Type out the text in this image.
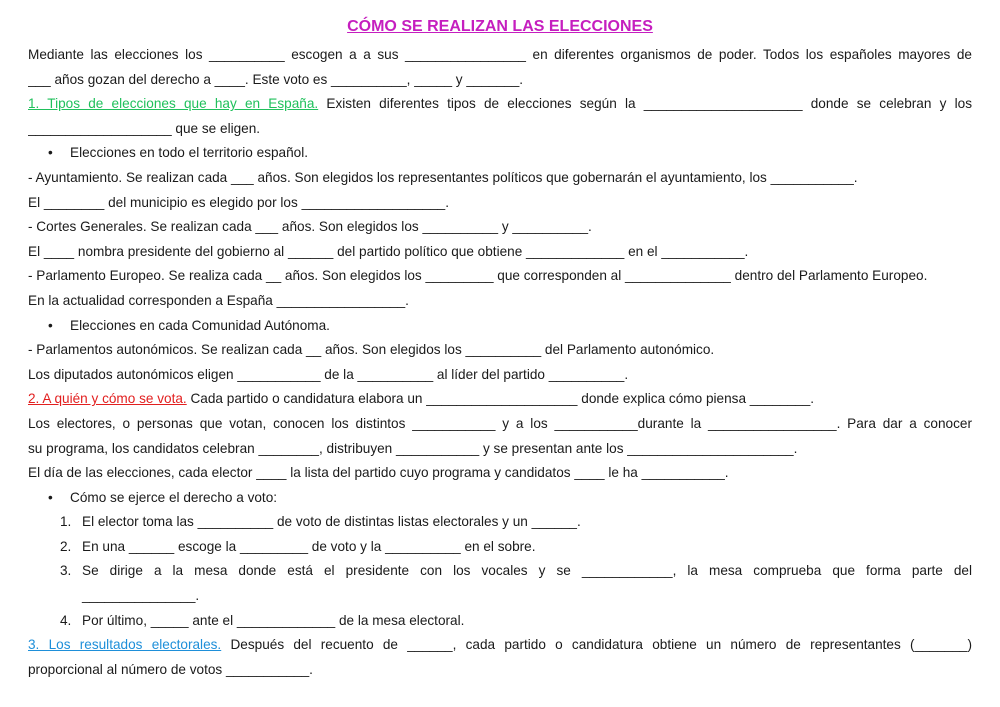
CÓMO SE REALIZAN LAS ELECCIONES
Mediante las elecciones los __________ escogen a a sus ________________ en diferentes organismos de poder. Todos los españoles mayores de
___ años gozan del derecho a ____. Este voto es __________, _____ y _______.
1. Tipos de elecciones que hay en España. Existen diferentes tipos de elecciones según la _____________________ donde se celebran y los
___________________ que se eligen.
• Elecciones en todo el territorio español.
- Ayuntamiento. Se realizan cada ___ años. Son elegidos los representantes políticos que gobernarán el ayuntamiento, los ___________.
El ________ del municipio es elegido por los ___________________.
- Cortes Generales. Se realizan cada ___ años. Son elegidos los __________ y __________.
El ____ nombra presidente del gobierno al ______ del partido político que obtiene _____________ en el ___________.
- Parlamento Europeo. Se realiza cada __ años. Son elegidos los _________ que corresponden al ______________ dentro del Parlamento Europeo.
En la actualidad corresponden a España _________________.
• Elecciones en cada Comunidad Autónoma.
- Parlamentos autonómicos. Se realizan cada __ años. Son elegidos los __________ del Parlamento autonómico.
Los diputados autonómicos eligen ___________ de la __________ al líder del partido __________.
2. A quién y cómo se vota. Cada partido o candidatura elabora un ____________________ donde explica cómo piensa ________.
Los electores, o personas que votan, conocen los distintos ___________ y a los ___________durante la _________________. Para dar a conocer
su programa, los candidatos celebran ________, distribuyen ___________ y se presentan ante los ______________________.
El día de las elecciones, cada elector ____ la lista del partido cuyo programa y candidatos ____ le ha ___________.
• Cómo se ejerce el derecho a voto:
1. El elector toma las __________ de voto de distintas listas electorales y un ______.
2. En una ______ escoge la _________ de voto y la __________ en el sobre.
3. Se dirige a la mesa donde está el presidente con los vocales y se ____________, la mesa comprueba que forma parte del
_______________.
4. Por último, _____ ante el _____________ de la mesa electoral.
3. Los resultados electorales. Después del recuento de ______, cada partido o candidatura obtiene un número de representantes (_______)
proporcional al número de votos ___________.
